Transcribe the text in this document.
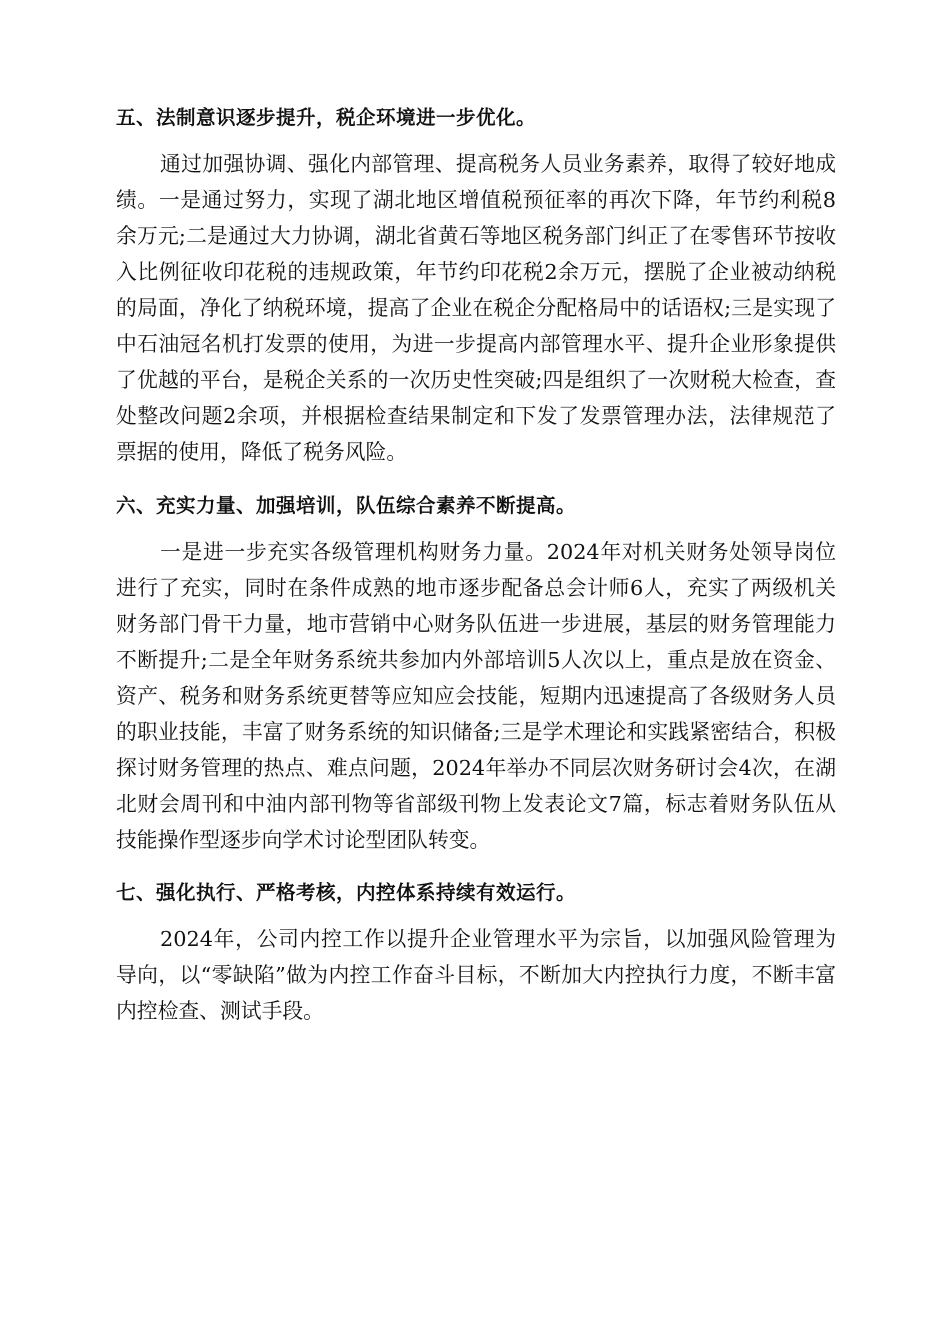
五、法制意识逐步提升，税企环境进一步优化。

通过加强协调、强化内部管理、提高税务人员业务素养，取得了较好地成绩。一是通过努力，实现了湖北地区增值税预征率的再次下降，年节约利税8余万元;二是通过大力协调，湖北省黄石等地区税务部门纠正了在零售环节按收入比例征收印花税的违规政策，年节约印花税2余万元，摆脱了企业被动纳税的局面，净化了纳税环境，提高了企业在税企分配格局中的话语权;三是实现了中石油冠名机打发票的使用，为进一步提高内部管理水平、提升企业形象提供了优越的平台，是税企关系的一次历史性突破;四是组织了一次财税大检查，查处整改问题2余项，并根据检查结果制定和下发了发票管理办法，法律规范了票据的使用，降低了税务风险。

六、充实力量、加强培训，队伍综合素养不断提高。

一是进一步充实各级管理机构财务力量。2024年对机关财务处领导岗位进行了充实，同时在条件成熟的地市逐步配备总会计师6人，充实了两级机关财务部门骨干力量，地市营销中心财务队伍进一步进展，基层的财务管理能力不断提升;二是全年财务系统共参加内外部培训5人次以上，重点是放在资金、资产、税务和财务系统更替等应知应会技能，短期内迅速提高了各级财务人员的职业技能，丰富了财务系统的知识储备;三是学术理论和实践紧密结合，积极探讨财务管理的热点、难点问题，2024年举办不同层次财务研讨会4次，在湖北财会周刊和中油内部刊物等省部级刊物上发表论文7篇，标志着财务队伍从技能操作型逐步向学术讨论型团队转变。

七、强化执行、严格考核，内控体系持续有效运行。

2024年，公司内控工作以提升企业管理水平为宗旨，以加强风险管理为导向，以“零缺陷”做为内控工作奋斗目标，不断加大内控执行力度，不断丰富内控检查、测试手段。
